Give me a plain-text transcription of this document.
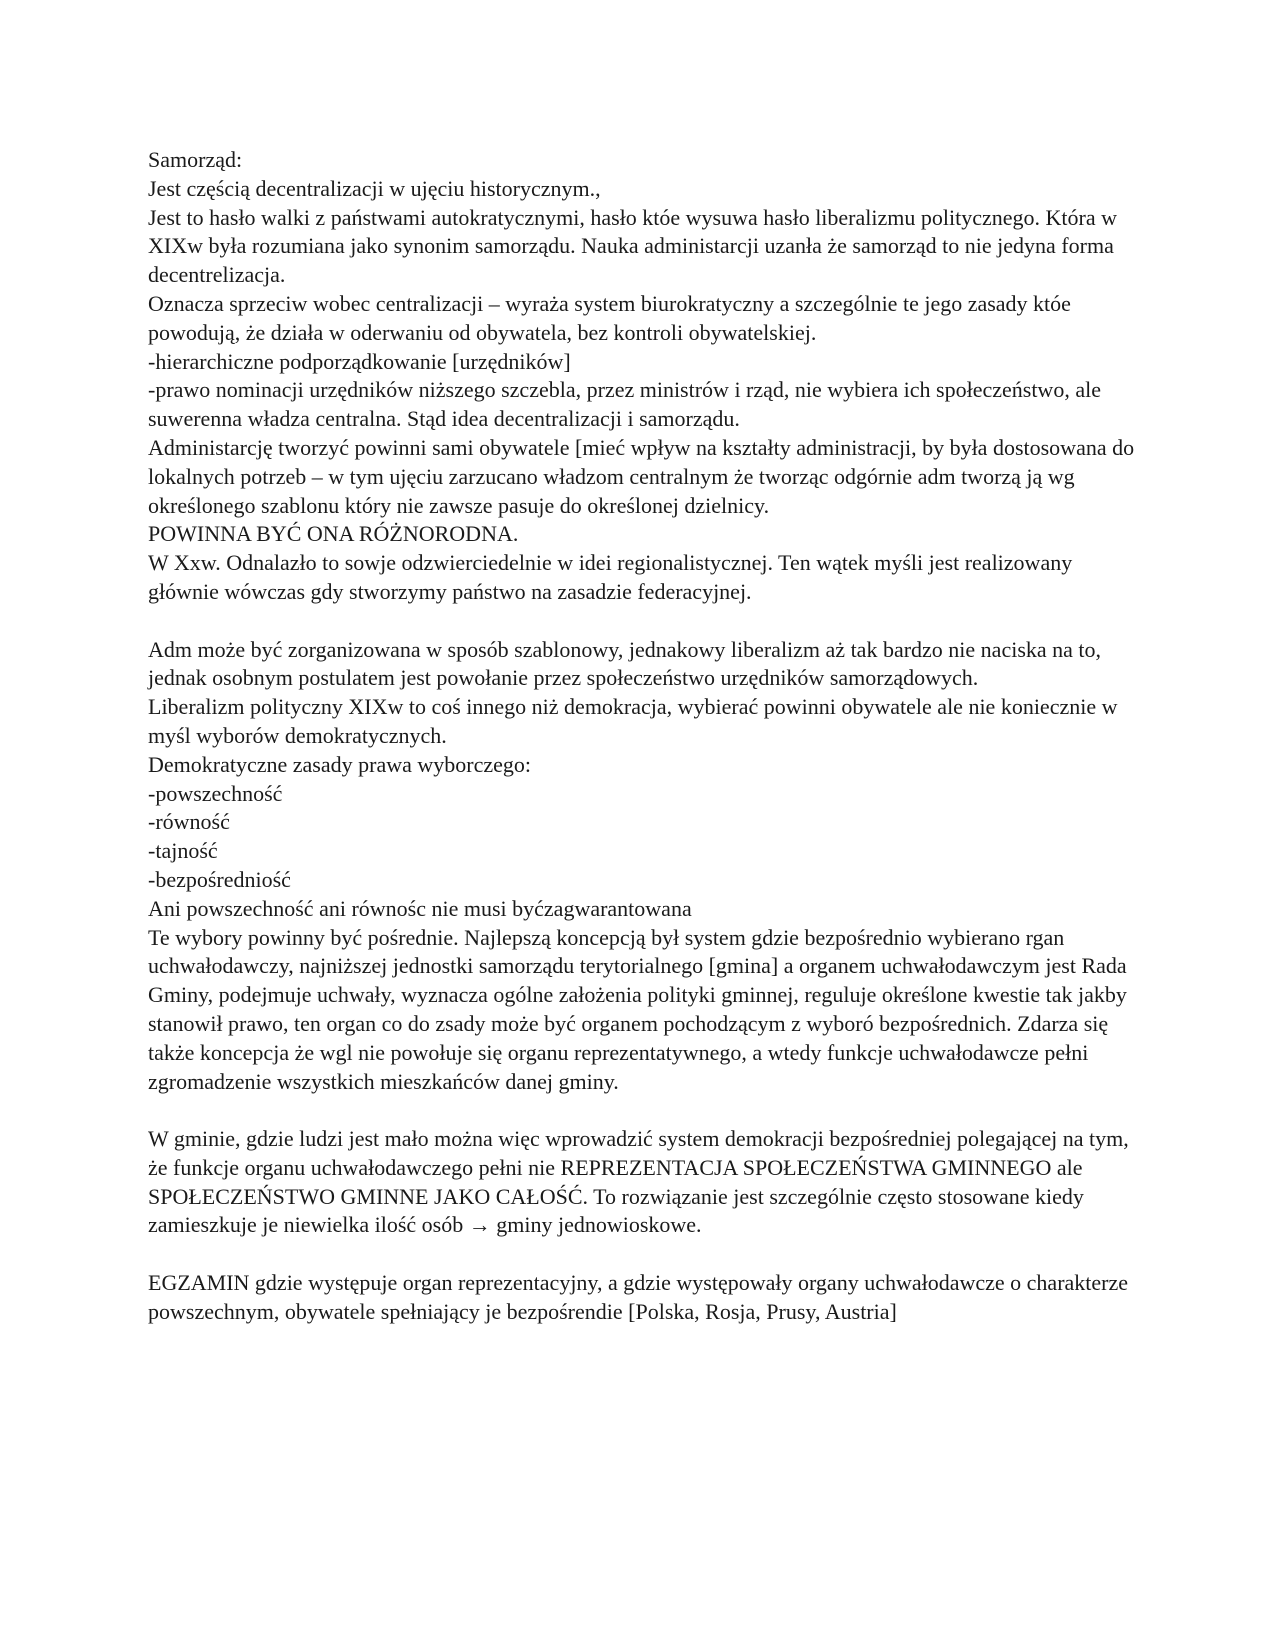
Samorząd:

Jest częścią decentralizacji w ujęciu historycznym.,

Jest to hasło walki z państwami autokratycznymi, hasło któe wysuwa hasło liberalizmu politycznego. Która w XIXw była rozumiana jako synonim samorządu. Nauka administarcji uzanła że samorząd to nie jedyna forma decentrelizacja.

Oznacza sprzeciw wobec centralizacji – wyraża system biurokratyczny a szczególnie te jego zasady któe powodują, że działa w oderwaniu od obywatela, bez kontroli obywatelskiej.

-hierarchiczne podporządkowanie [urzędników]

-prawo nominacji urzędników niższego szczebla, przez ministrów i rząd, nie wybiera ich społeczeństwo, ale suwerenna władza centralna. Stąd idea decentralizacji i samorządu.

Administarcję tworzyć powinni sami obywatele [mieć wpływ na kształty administracji, by była dostosowana do lokalnych potrzeb – w tym ujęciu zarzucano władzom centralnym że tworząc odgórnie adm tworzą ją wg określonego szablonu który nie zawsze pasuje do określonej dzielnicy.

POWINNA BYĆ ONA RÓŻNORODNA.

W Xxw. Odnalazło to sowje odzwierciedelnie w idei regionalistycznej. Ten wątek myśli jest realizowany głównie wówczas gdy stworzymy państwo na zasadzie federacyjnej.

Adm może być zorganizowana w sposób szablonowy, jednakowy liberalizm aż tak bardzo nie naciska na to, jednak osobnym postulatem jest powołanie przez społeczeństwo urzędników samorządowych.

Liberalizm polityczny XIXw to coś innego niż demokracja, wybierać powinni obywatele ale nie koniecznie w myśl wyborów demokratycznych.

Demokratyczne zasady prawa wyborczego:

-powszechność

-równość

-tajność

-bezpośredniość

Ani powszechność ani równośc nie musi byćzagwarantowana

Te wybory powinny być pośrednie. Najlepszą koncepcją był system gdzie bezpośrednio wybierano rgan uchwałodawczy, najniższej jednostki samorządu terytorialnego [gmina] a organem uchwałodawczym jest Rada Gminy, podejmuje uchwały, wyznacza ogólne założenia polityki gminnej, reguluje określone kwestie tak jakby stanowił prawo, ten organ co do zsady może być organem pochodzącym z wyboró bezpośrednich. Zdarza się także koncepcja że wgl nie powołuje się organu reprezentatywnego, a wtedy funkcje uchwałodawcze pełni zgromadzenie wszystkich mieszkańców danej gminy.

W gminie, gdzie ludzi jest mało można więc wprowadzić system demokracji bezpośredniej polegającej na tym, że funkcje organu uchwałodawczego pełni nie REPREZENTACJA SPOŁECZEŃSTWA GMINNEGO ale SPOŁECZEŃSTWO GMINNE JAKO CAŁOŚĆ. To rozwiązanie jest szczególnie często stosowane kiedy zamieszkuje je niewielka ilość osób → gminy jednowioskowe.

EGZAMIN gdzie występuje organ reprezentacyjny, a gdzie występowały organy uchwałodawcze o charakterze powszechnym, obywatele spełniający je bezpośrendie [Polska, Rosja, Prusy, Austria]
